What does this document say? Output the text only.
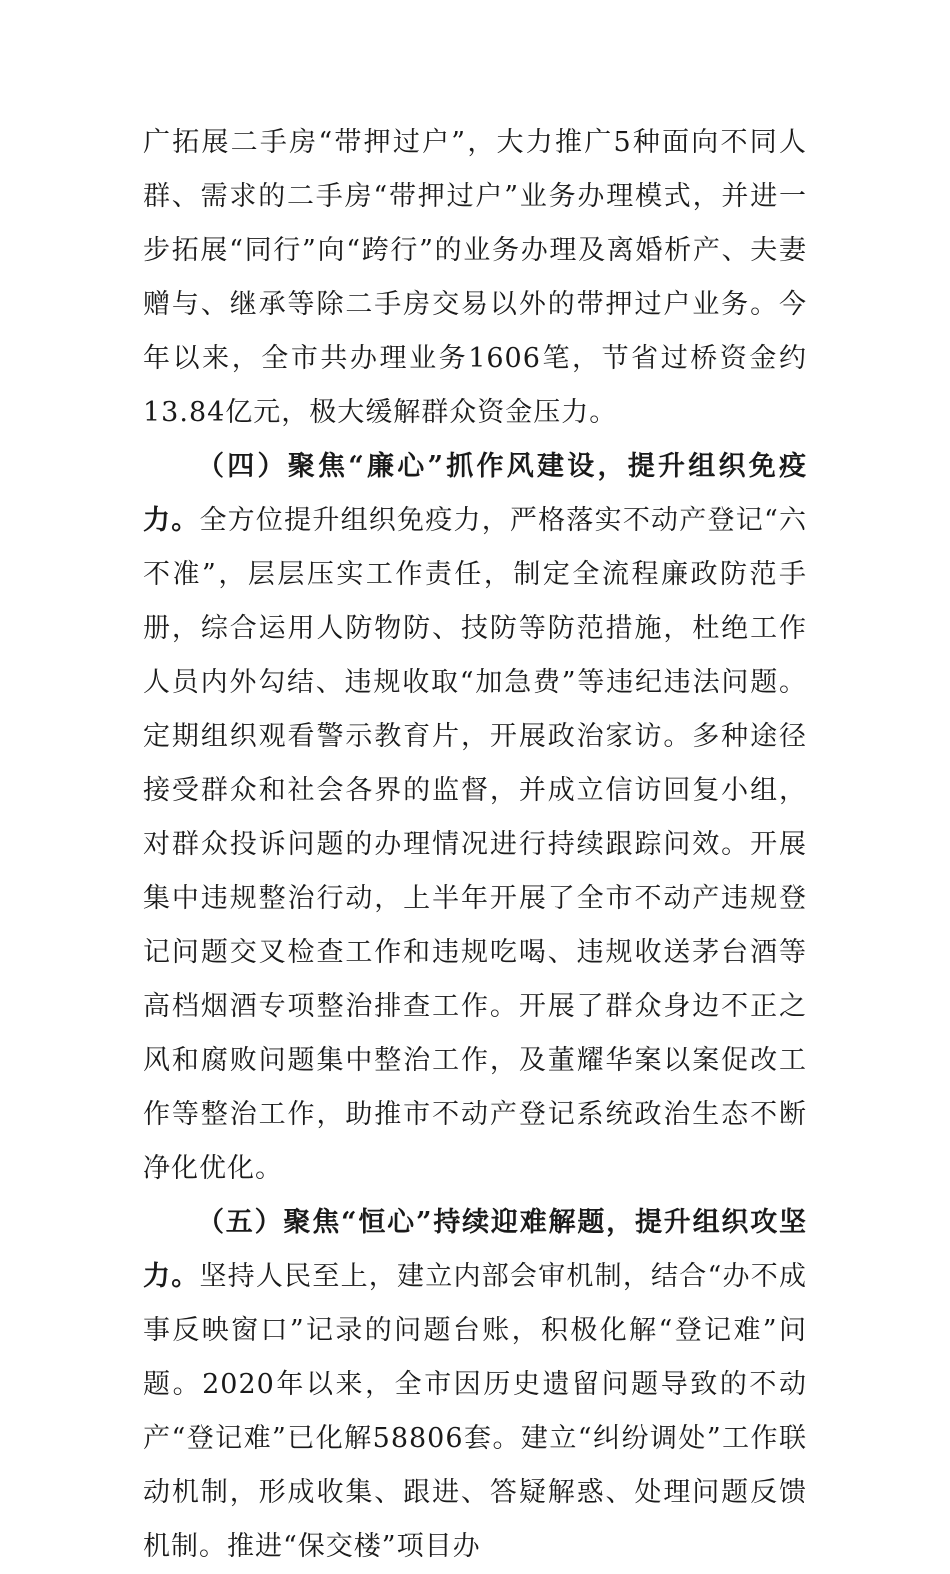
广拓展二手房“带押过户”，大力推广5种面向不同人群、需求的二手房“带押过户”业务办理模式，并进一步拓展“同行”向“跨行”的业务办理及离婚析产、夫妻赠与、继承等除二手房交易以外的带押过户业务。今年以来，全市共办理业务1606笔，节省过桥资金约13.84亿元，极大缓解群众资金压力。

（四）聚焦“廉心”抓作风建设，提升组织免疫力。全方位提升组织免疫力，严格落实不动产登记“六不准”，层层压实工作责任，制定全流程廉政防范手册，综合运用人防物防、技防等防范措施，杜绝工作人员内外勾结、违规收取“加急费”等违纪违法问题。定期组织观看警示教育片，开展政治家访。多种途径接受群众和社会各界的监督，并成立信访回复小组，对群众投诉问题的办理情况进行持续跟踪问效。开展集中违规整治行动，上半年开展了全市不动产违规登记问题交叉检查工作和违规吃喝、违规收送茅台酒等高档烟酒专项整治排查工作。开展了群众身边不正之风和腐败问题集中整治工作，及董耀华案以案促改工作等整治工作，助推市不动产登记系统政治生态不断净化优化。

（五）聚焦“恒心”持续迎难解题，提升组织攻坚力。坚持人民至上，建立内部会审机制，结合“办不成事反映窗口”记录的问题台账，积极化解“登记难”问题。2020年以来，全市因历史遗留问题导致的不动产“登记难”已化解58806套。建立“纠纷调处”工作联动机制，形成收集、跟进、答疑解惑、处理问题反馈机制。推进“保交楼”项目办
